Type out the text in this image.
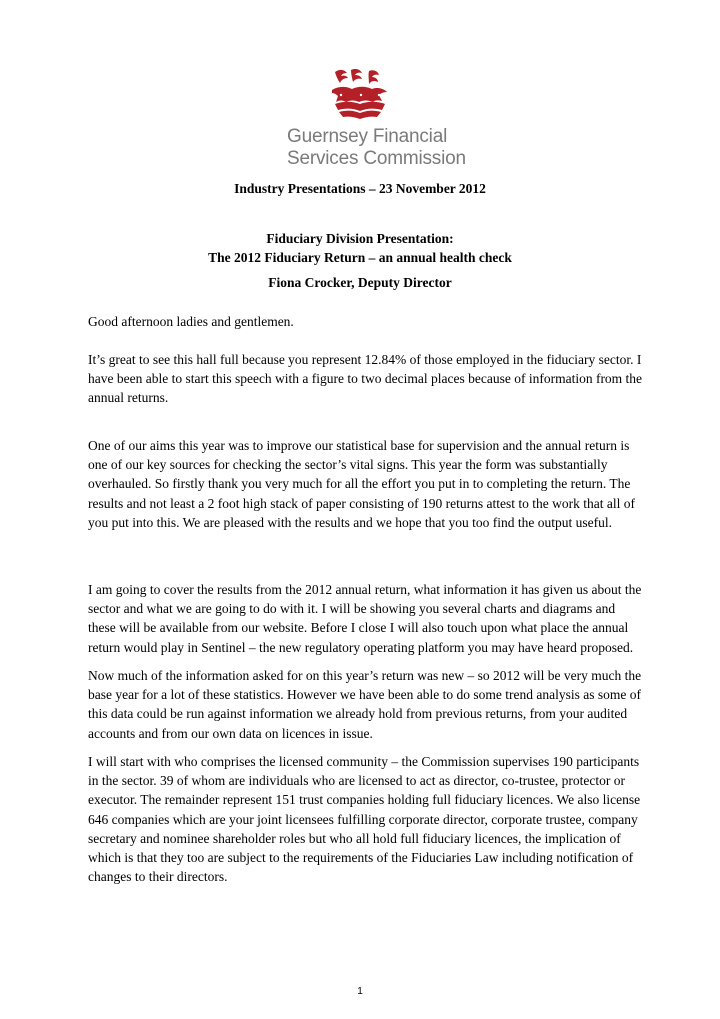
Guernsey Financial
Services Commission
Industry Presentations – 23 November 2012
Fiduciary Division Presentation:
The 2012 Fiduciary Return – an annual health check
Fiona Crocker, Deputy Director

Good afternoon ladies and gentlemen.

It’s great to see this hall full because you represent 12.84% of those employed in the fiduciary sector. I have been able to start this speech with a figure to two decimal places because of information from the annual returns.

One of our aims this year was to improve our statistical base for supervision and the annual return is one of our key sources for checking the sector’s vital signs. This year the form was substantially overhauled. So firstly thank you very much for all the effort you put in to completing the return. The results and not least a 2 foot high stack of paper consisting of 190 returns attest to the work that all of you put into this. We are pleased with the results and we hope that you too find the output useful.

I am going to cover the results from the 2012 annual return, what information it has given us about the sector and what we are going to do with it. I will be showing you several charts and diagrams and these will be available from our website. Before I close I will also touch upon what place the annual return would play in Sentinel – the new regulatory operating platform you may have heard proposed.

Now much of the information asked for on this year’s return was new – so 2012 will be very much the base year for a lot of these statistics. However we have been able to do some trend analysis as some of this data could be run against information we already hold from previous returns, from your audited accounts and from our own data on licences in issue.

I will start with who comprises the licensed community – the Commission supervises 190 participants in the sector. 39 of whom are individuals who are licensed to act as director, co-trustee, protector or executor. The remainder represent 151 trust companies holding full fiduciary licences. We also license 646 companies which are your joint licensees fulfilling corporate director, corporate trustee, company secretary and nominee shareholder roles but who all hold full fiduciary licences, the implication of which is that they too are subject to the requirements of the Fiduciaries Law including notification of changes to their directors.

1
